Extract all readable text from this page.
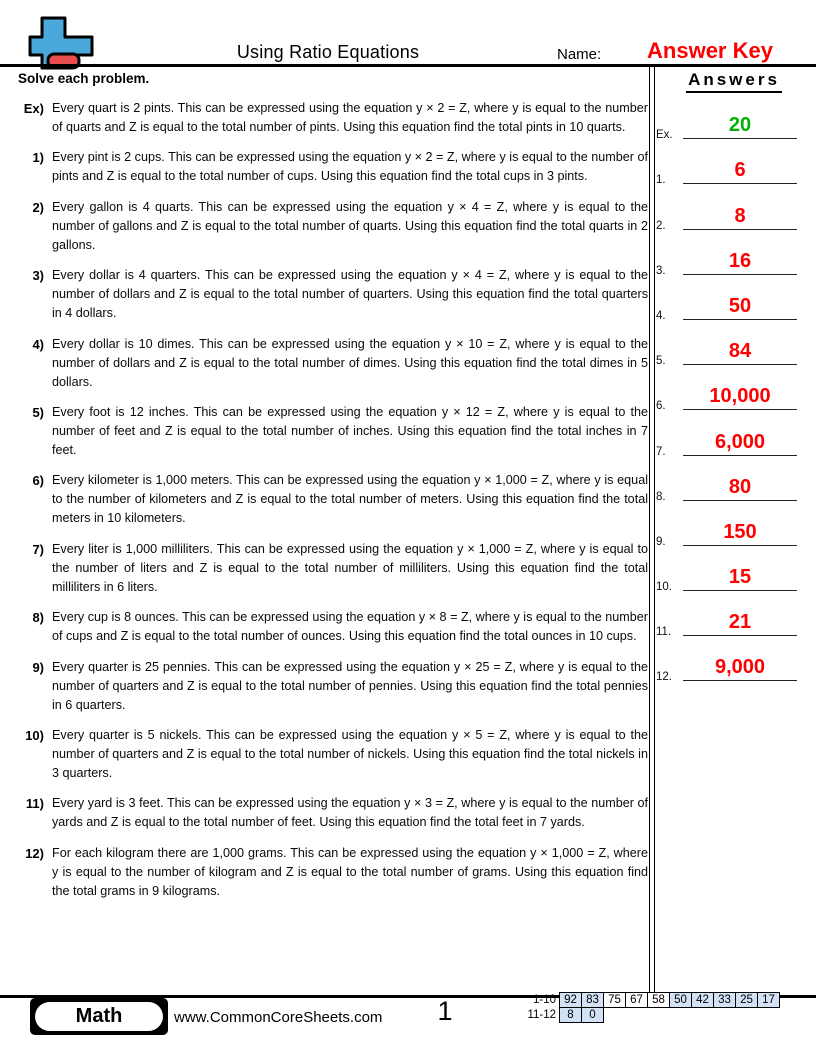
Using Ratio Equations	Name:	Answer Key
Solve each problem.	Answers
Ex.	20
1.	6
2.	8
3.	16
4.	50
5.	84
6.	10,000
7.	6,000
8.	80
9.	150
10.	15
11.	21
12.	9,000
Ex) Every quart is 2 pints. This can be expressed using the equation y × 2 = Z, where y is equal to the number of quarts and Z is equal to the total number of pints. Using this equation find the total pints in 10 quarts.

1) Every pint is 2 cups. This can be expressed using the equation y × 2 = Z, where y is equal to the number of pints and Z is equal to the total number of cups. Using this equation find the total cups in 3 pints.

2) Every gallon is 4 quarts. This can be expressed using the equation y × 4 = Z, where y is equal to the number of gallons and Z is equal to the total number of quarts. Using this equation find the total quarts in 2 gallons.

3) Every dollar is 4 quarters. This can be expressed using the equation y × 4 = Z, where y is equal to the number of dollars and Z is equal to the total number of quarters. Using this equation find the total quarters in 4 dollars.

4) Every dollar is 10 dimes. This can be expressed using the equation y × 10 = Z, where y is equal to the number of dollars and Z is equal to the total number of dimes. Using this equation find the total dimes in 5 dollars.

5) Every foot is 12 inches. This can be expressed using the equation y × 12 = Z, where y is equal to the number of feet and Z is equal to the total number of inches. Using this equation find the total inches in 7 feet.

6) Every kilometer is 1,000 meters. This can be expressed using the equation y × 1,000 = Z, where y is equal to the number of kilometers and Z is equal to the total number of meters. Using this equation find the total meters in 10 kilometers.

7) Every liter is 1,000 milliliters. This can be expressed using the equation y × 1,000 = Z, where y is equal to the number of liters and Z is equal to the total number of milliliters. Using this equation find the total milliliters in 6 liters.

8) Every cup is 8 ounces. This can be expressed using the equation y × 8 = Z, where y is equal to the number of cups and Z is equal to the total number of ounces. Using this equation find the total ounces in 10 cups.

9) Every quarter is 25 pennies. This can be expressed using the equation y × 25 = Z, where y is equal to the number of quarters and Z is equal to the total number of pennies. Using this equation find the total pennies in 6 quarters.

10) Every quarter is 5 nickels. This can be expressed using the equation y × 5 = Z, where y is equal to the number of quarters and Z is equal to the total number of nickels. Using this equation find the total nickels in 3 quarters.

11) Every yard is 3 feet. This can be expressed using the equation y × 3 = Z, where y is equal to the number of yards and Z is equal to the total number of feet. Using this equation find the total feet in 7 yards.

12) For each kilogram there are 1,000 grams. This can be expressed using the equation y × 1,000 = Z, where y is equal to the number of kilogram and Z is equal to the total number of grams. Using this equation find the total grams in 9 kilograms.

Math	www.CommonCoreSheets.com	1	1-10 92 83 75 67 58 50 42 33 25 17
11-12 8	0
